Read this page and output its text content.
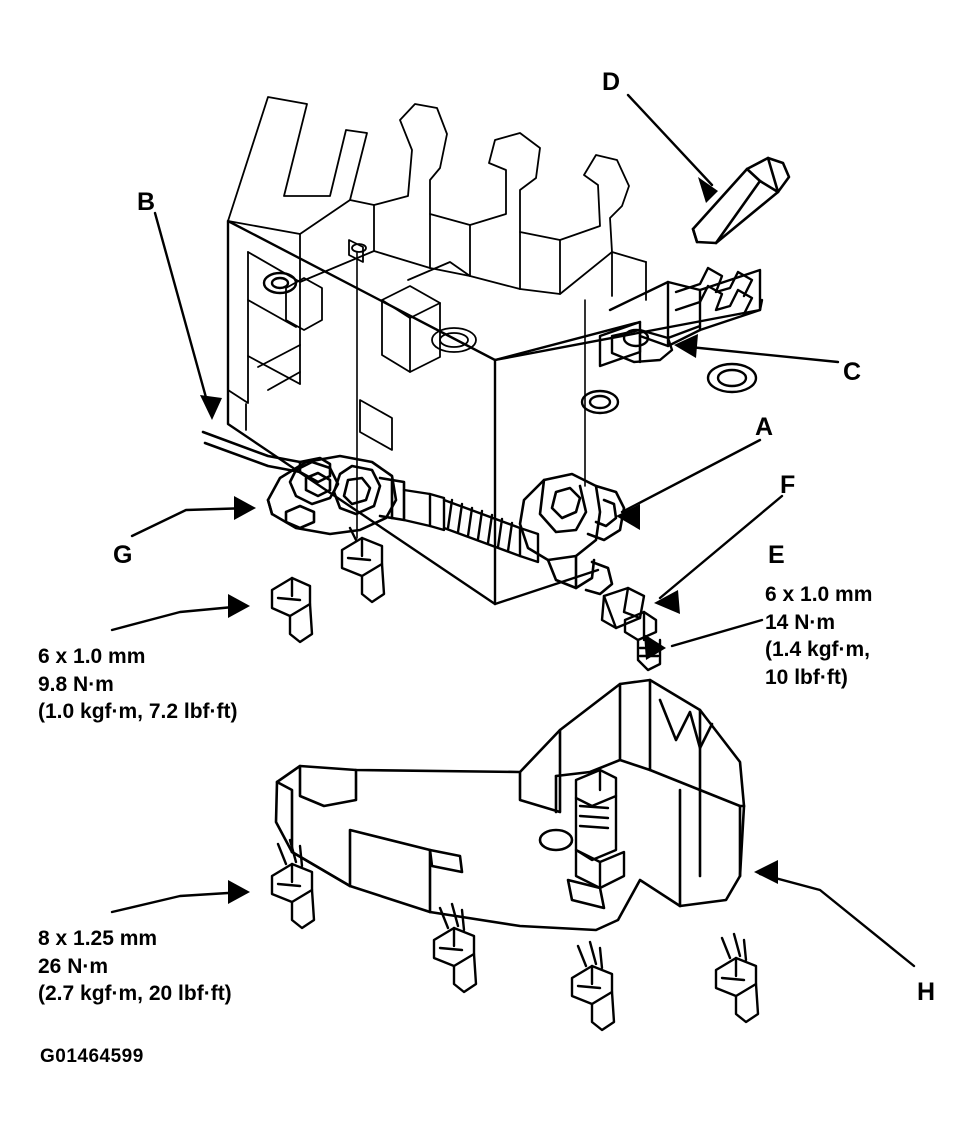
A
B
C
D
E
F
G
H
6 x 1.0 mm
9.8 N·m
(1.0 kgf·m, 7.2 lbf·ft)
6 x 1.0 mm
14 N·m
(1.4 kgf·m,
10 lbf·ft)
8 x 1.25 mm
26 N·m
(2.7 kgf·m, 20 lbf·ft)
G01464599
